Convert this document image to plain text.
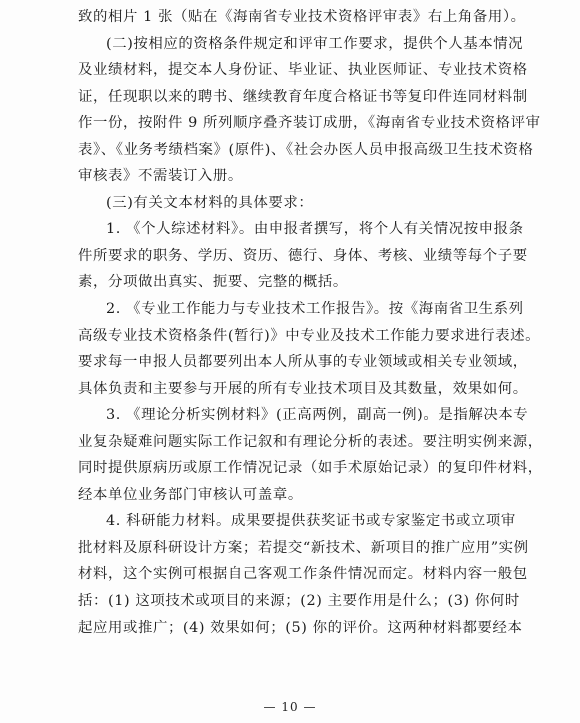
致的相片 1 张（贴在《海南省专业技术资格评审表》右上角备用）。
(二)按相应的资格条件规定和评审工作要求，提供个人基本情况
及业绩材料，提交本人身份证、毕业证、执业医师证、专业技术资格
证，任现职以来的聘书、继续教育年度合格证书等复印件连同材料制
作一份，按附件 9 所列顺序叠齐装订成册，《海南省专业技术资格评审
表》、《业务考绩档案》(原件)、《社会办医人员申报高级卫生技术资格
审核表》不需装订入册。
(三)有关文本材料的具体要求：
1. 《个人综述材料》。由申报者撰写，将个人有关情况按申报条
件所要求的职务、学历、资历、德行、身体、考核、业绩等每个子要
素，分项做出真实、扼要、完整的概括。
2. 《专业工作能力与专业技术工作报告》。按《海南省卫生系列
高级专业技术资格条件(暂行)》中专业及技术工作能力要求进行表述。
要求每一申报人员都要列出本人所从事的专业领域或相关专业领域，
具体负责和主要参与开展的所有专业技术项目及其数量，效果如何。
3. 《理论分析实例材料》(正高两例，副高一例)。是指解决本专
业复杂疑难问题实际工作记叙和有理论分析的表述。要注明实例来源，
同时提供原病历或原工作情况记录（如手术原始记录）的复印件材料，
经本单位业务部门审核认可盖章。
4. 科研能力材料。成果要提供获奖证书或专家鉴定书或立项审
批材料及原科研设计方案；若提交“新技术、新项目的推广应用”实例
材料，这个实例可根据自己客观工作条件情况而定。材料内容一般包
括：(1) 这项技术或项目的来源；(2) 主要作用是什么；(3) 你何时
起应用或推广；(4) 效果如何；(5) 你的评价。这两种材料都要经本
— 10 —
